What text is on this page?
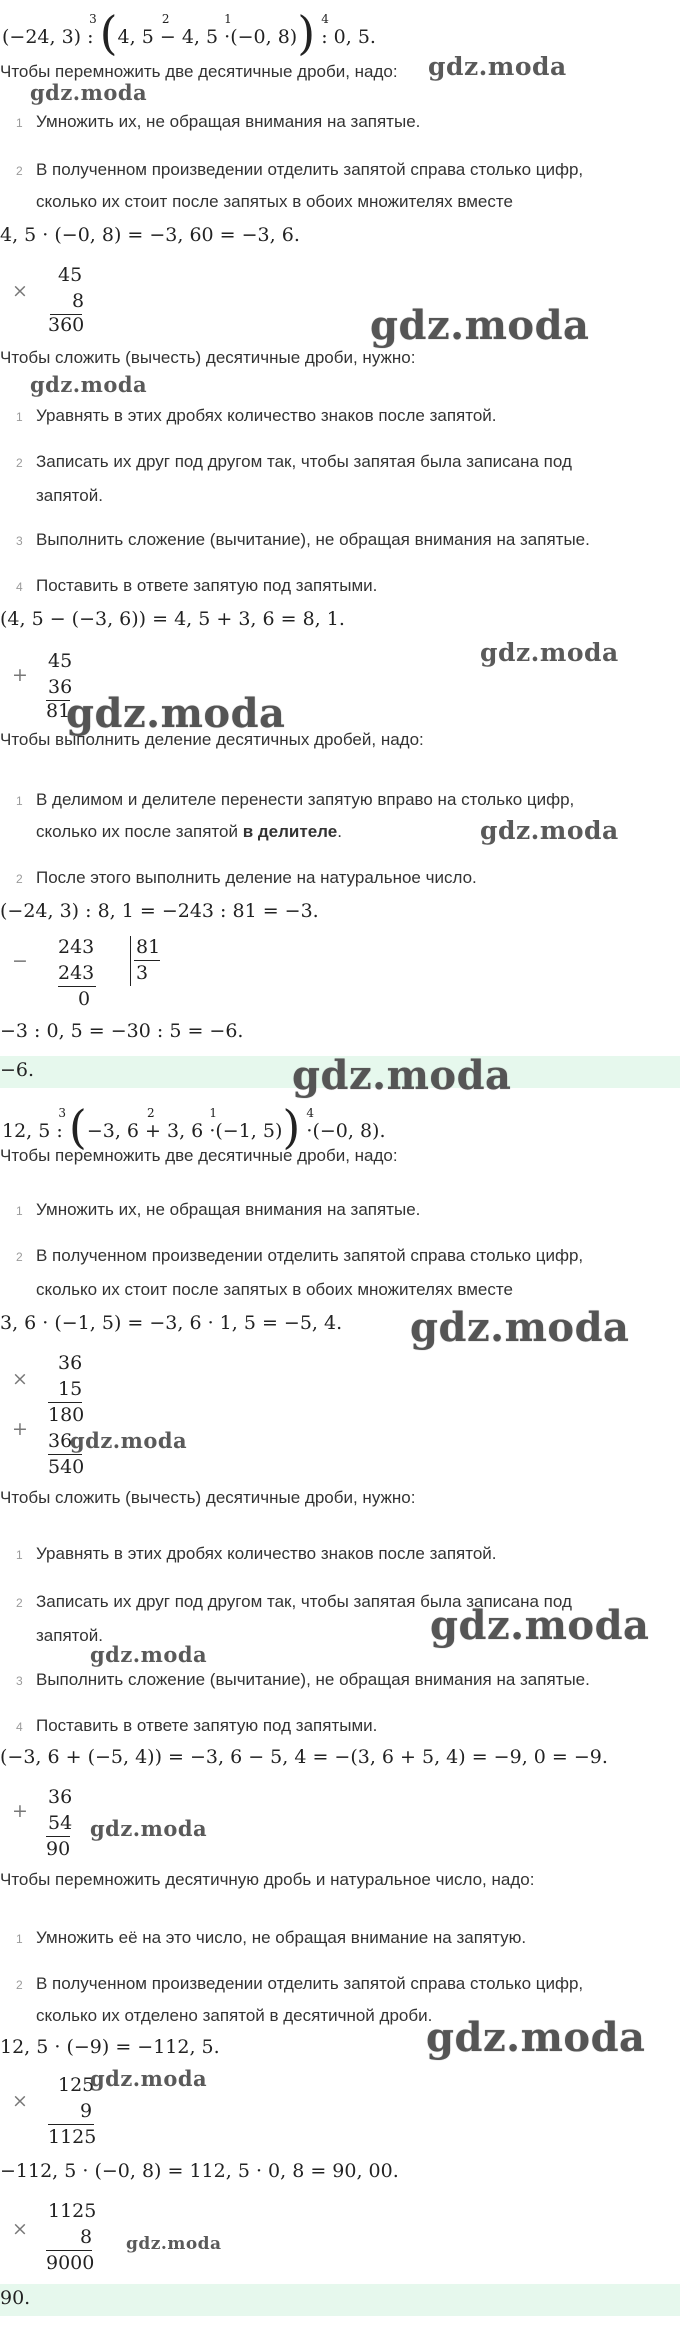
(−24, 3)
3
: (4, 5
2
− 4, 5
1
·(−0, 8)) 4
: 0, 5.
Чтобы перемножить две десятичные дроби, надо: gdz.moda
gdz.moda
1 Умножить их, не обращая внимания на запятые.
2 В полученном произведении отделить запятой справа столько цифр,
сколько их стоит после запятых в обоих множителях вместе
4, 5 · (−0, 8) = −3, 60 = −3, 6.
×
45
8
360	gdz.moda
Чтобы сложить (вычесть) десятичные дроби, нужно:
gdz.moda
1 Уравнять в этих дробях количество знаков после запятой.
2 Записать их друг под другом так, чтобы запятая была записана под
запятой.
3 Выполнить сложение (вычитание), не обращая внимания на запятые.
4 Поставить в ответе запятую под запятыми.
(4, 5 − (−3, 6)) = 4, 5 + 3, 6 = 8, 1.
+
45
36
81
gdz.moda
gdz.moda
Чтобы выполнить деление десятичных дробей, надо:
1 В делимом и делителе перенести запятую вправо на столько цифр,
сколько их после запятой в делителе.	gdz.moda
2 После этого выполнить деление на натуральное число.
(−24, 3) : 8, 1 = −243 : 81 = −3.
−
243
243
0
81
3
−3 : 0, 5 = −30 : 5 = −6.
−6.	gdz.moda
12, 5
3
: (−3, 6
2
+ 3, 6
1
·(−1, 5)) 4
·(−0, 8).
Чтобы перемножить две десятичные дроби, надо:
1 Умножить их, не обращая внимания на запятые.
2 В полученном произведении отделить запятой справа столько цифр,
сколько их стоит после запятых в обоих множителях вместе
3, 6 · (−1, 5) = −3, 6 · 1, 5 = −5, 4. gdz.moda
×
36
15
180
+
36
gdz.moda
540
Чтобы сложить (вычесть) десятичные дроби, нужно:
1 Уравнять в этих дробях количество знаков после запятой.
2 Записать их друг под другом так, чтобы запятая была записана под
запятой.	gdz.moda
gdz.moda
3 Выполнить сложение (вычитание), не обращая внимания на запятые.
4 Поставить в ответе запятую под запятыми.
(−3, 6 + (−5, 4)) = −3, 6 − 5, 4 = −(3, 6 + 5, 4) = −9, 0 = −9.
+
36
54
90
gdz.moda
Чтобы перемножить десятичную дробь и натуральное число, надо:
1 Умножить её на это число, не обращая внимание на запятую.
2 В полученном произведении отделить запятой справа столько цифр,
сколько их отделено запятой в десятичной дроби.
12, 5 · (−9) = −112, 5.	gdz.moda
×
125
gdz.moda
9
1125
−112, 5 · (−0, 8) = 112, 5 · 0, 8 = 90, 00.
×
1125
8
9000
gdz.moda
90.
